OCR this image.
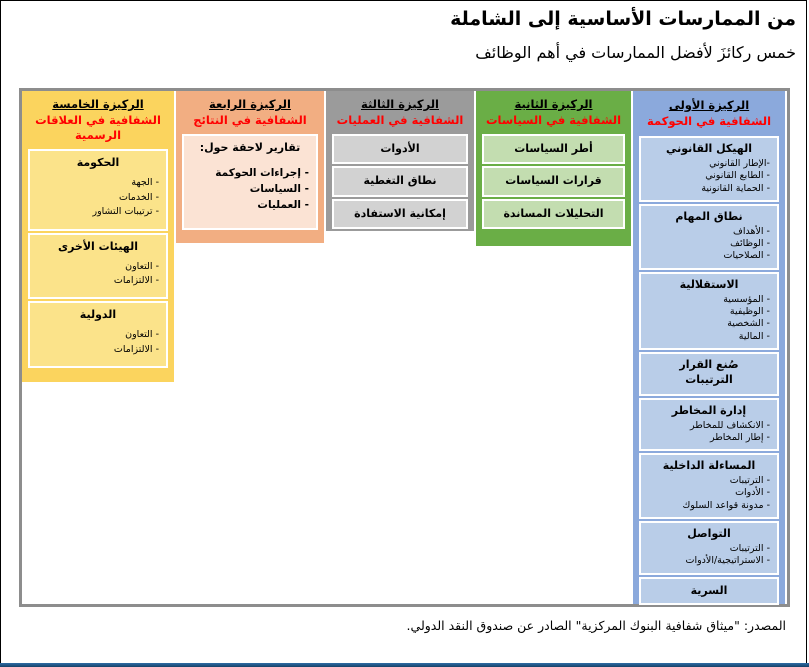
من الممارسات الأساسية إلى الشاملة
خمس ركائزَ لأفضل الممارسات في أهم الوظائف
الركيزة الأولى
الشفافية في الحوكمة
الهيكل القانوني
-الإطار القانوني
- الطابع القانوني
- الحماية القانونية
نطاق المهام
- الأهداف
- الوظائف
- الصلاحيات
الاستقلالية
- المؤسسية
- الوظيفية
- الشخصية
- المالية
صُنع القرار
الترتيبات
إدارة المخاطر
- الانكشاف للمخاطر
- إطار المخاطر
المساءلة الداخلية
- الترتيبات
- الأدوات
- مدونة قواعد السلوك
التواصل
- الترتيبات
- الاستراتيجية/الأدوات
السرية
الركيزة الثانية
الشفافية في السياسات
أطر السياسات
قرارات السياسات
التحليلات المساندة
الركيزة الثالثة
الشفافية في العمليات
الأدوات
نطاق التغطية
إمكانية الاستفادة
الركيزة الرابعة
الشفافية في النتائج
تقارير لاحقة حول:
- إجراءات الحوكمة
- السياسات
- العمليات
الركيزة الخامسة
الشفافية في العلاقات
الرسمية
الحكومة
- الجهة
- الخدمات
- ترتيبات التشاور
الهيئات الأخرى
- التعاون
- الالتزامات
الدولية
- التعاون
- الالتزامات
المصدر: "ميثاق شفافية البنوك المركزية" الصادر عن صندوق النقد الدولي.
